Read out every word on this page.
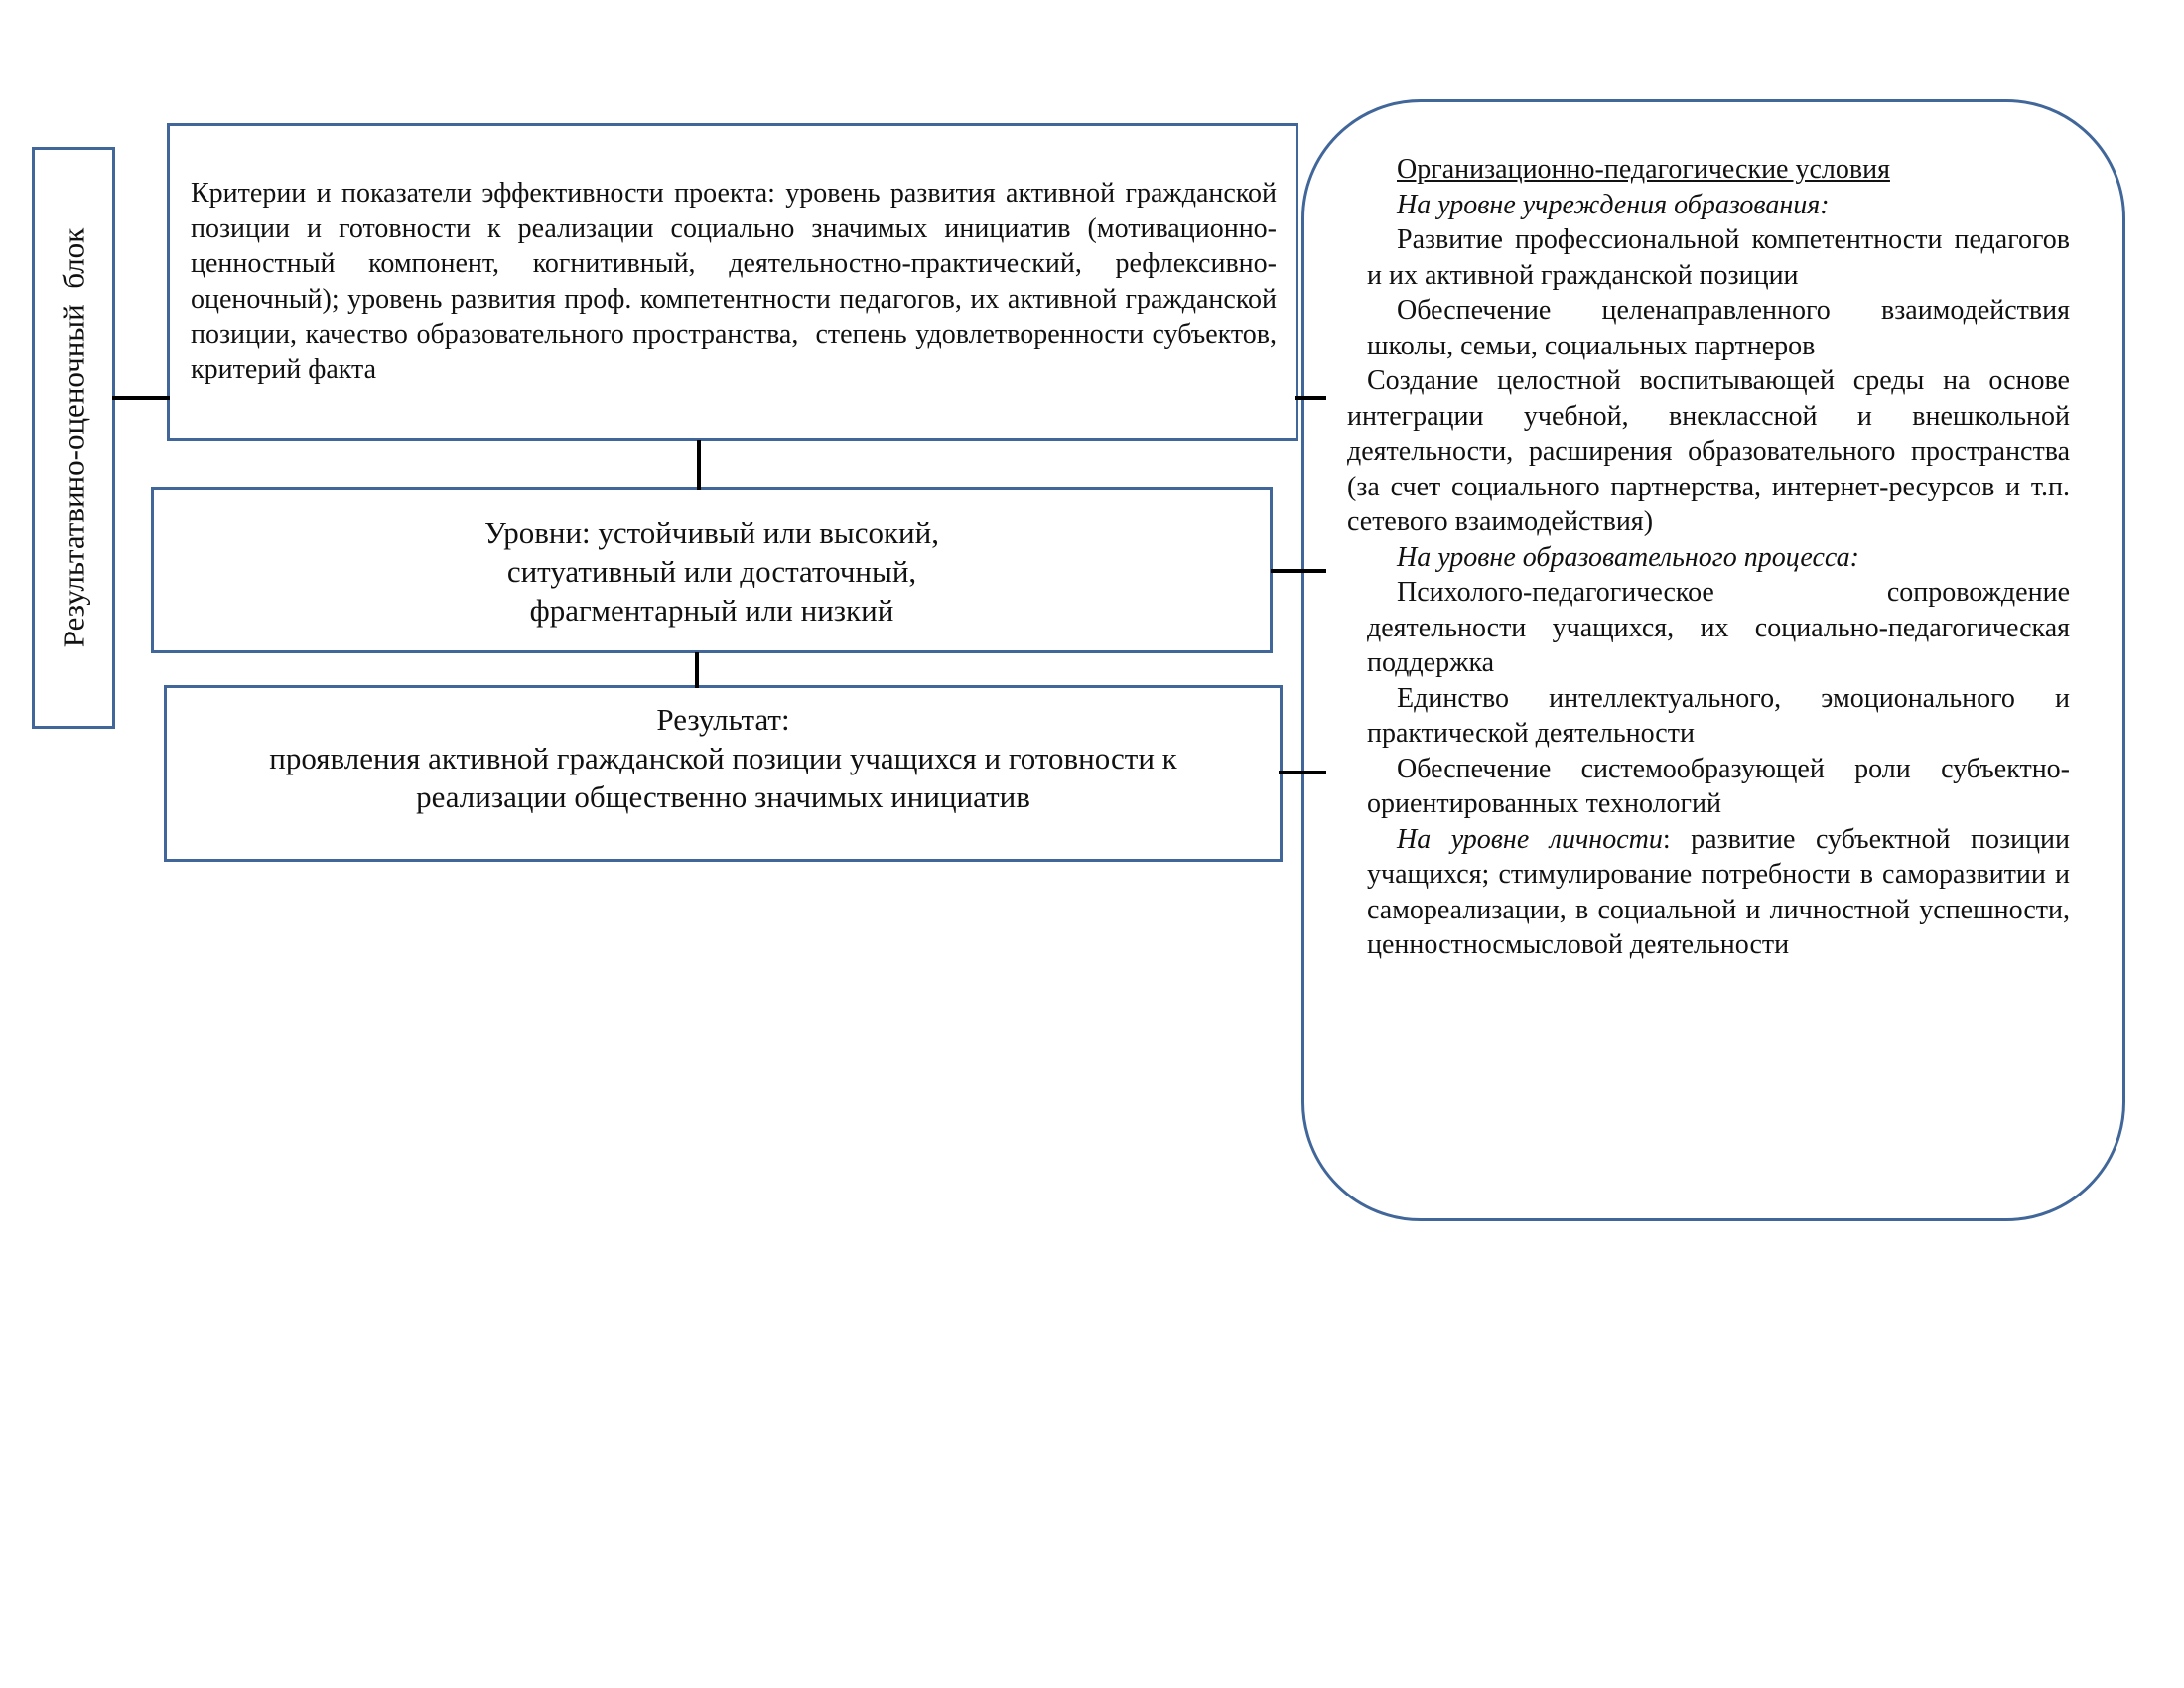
Результатвино-оценочный  блок
Критерии и показатели эффективности проекта: уровень развития активной гражданской позиции и готовности к реализации социально значимых инициатив (мотивационно-ценностный компонент, когнитивный, деятельностно-практический, рефлексивно-оценочный); уровень развития проф. компетентности педагогов, их активной гражданской позиции, качество образовательного пространства,  степень удовлетворенности субъектов, критерий факта
Уровни: устойчивый или высокий,
ситуативный или достаточный,
фрагментарный или низкий
Результат:
проявления активной гражданской позиции учащихся и готовности к
реализации общественно значимых инициатив

Организационно-педагогические условия

На уровне учреждения образования:

Развитие профессиональной компетентности педагогов и их активной гражданской позиции

Обеспечение целенаправленного взаимодействия школы, семьи, социальных партнеров

Создание целостной воспитывающей среды на основе интеграции учебной, внеклассной и внешкольной деятельности, расширения образовательного пространства (за счет социального партнерства, интернет-ресурсов и т.п. сетевого взаимодействия)

На уровне образовательного процесса:

Психолого-педагогическое сопровождение деятельности учащихся, их социально-педагогическая поддержка

Единство интеллектуального, эмоционального и практической деятельности

Обеспечение системообразующей роли субъектно-ориентированных технологий

На уровне личности: развитие субъектной позиции учащихся; стимулирование потребности в саморазвитии и самореализации, в социальной и личностной успешности, ценностносмысловой деятельности
